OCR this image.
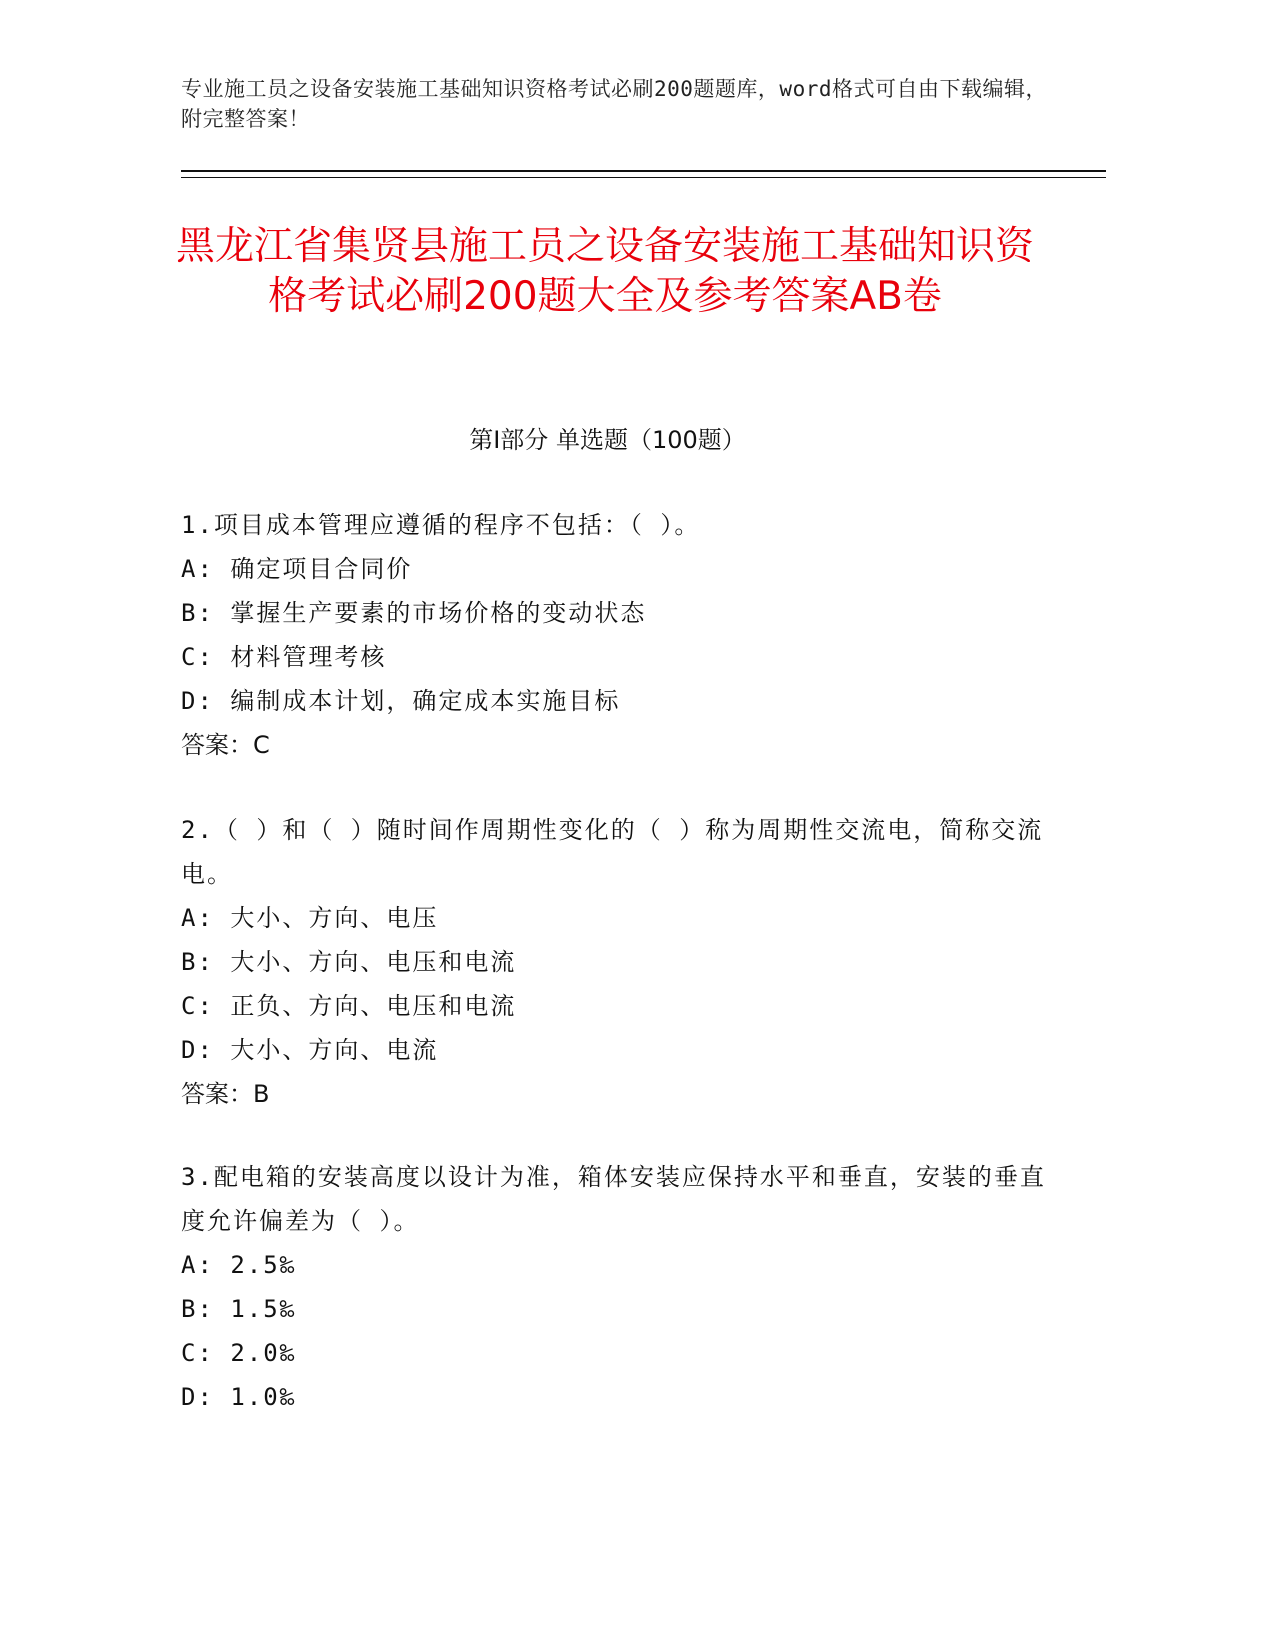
专业施工员之设备安装施工基础知识资格考试必刷200题题库，word格式可自由下载编辑，附完整答案！
黑龙江省集贤县施工员之设备安装施工基础知识资格考试必刷200题大全及参考答案AB卷
第Ⅰ部分 单选题（100题）
1.项目成本管理应遵循的程序不包括：（ ）。
A: 确定项目合同价
B: 掌握生产要素的市场价格的变动状态
C: 材料管理考核
D: 编制成本计划，确定成本实施目标
答案：C
2.（ ）和（ ）随时间作周期性变化的（ ）称为周期性交流电，简称交流电。
A: 大小、方向、电压
B: 大小、方向、电压和电流
C: 正负、方向、电压和电流
D: 大小、方向、电流
答案：B
3.配电箱的安装高度以设计为准，箱体安装应保持水平和垂直，安装的垂直度允许偏差为（ ）。
A: 2.5‰
B: 1.5‰
C: 2.0‰
D: 1.0‰
